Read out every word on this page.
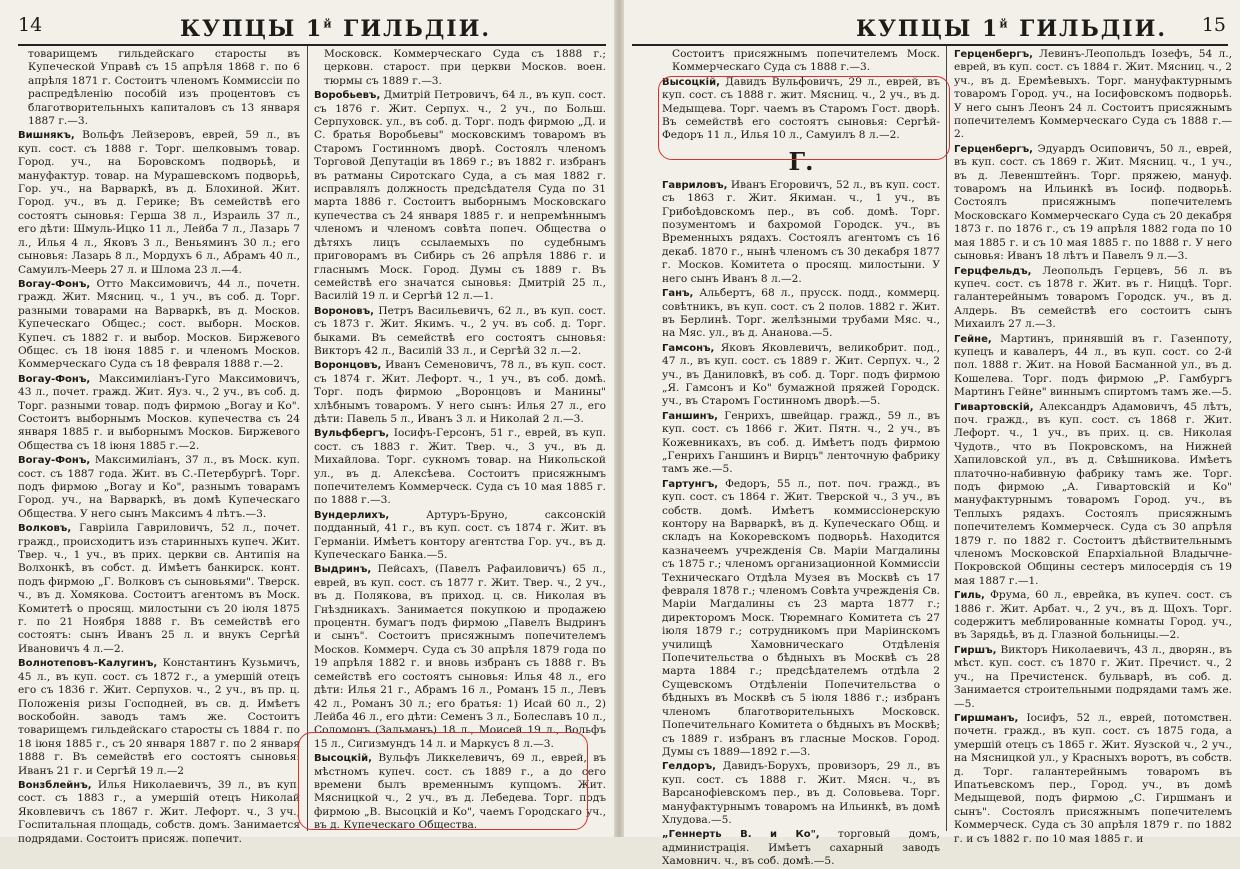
14	КУПЦЫ $1^й$ ГИЛЬДІИ.

товарищемъ гильдейскаго старосты въ Купеческой Управѣ съ 15 апрѣля 1868 г. по 6 апрѣля 1871 г. Состоитъ членомъ Коммиссіи по распредѣленію пособій изъ процентовъ съ благотворительныхъ капиталовъ съ 13 января 1887 г.—3.

Вишнякъ, Вольфъ Лейзеровъ, еврей, 59 л., въ куп. сост. съ 1888 г. Торг. шелковымъ товар. Город. уч., на Боровскомъ подворьѣ, и мануфактур. товар. на Мурашевскомъ подворьѣ, Гор. уч., на Варваркѣ, въ д. Блохиной. Жит. Город. уч., въ д. Герике; Въ семействѣ его состоятъ сыновья: Герша 38 л., Израиль 37 л., его дѣти: Шмуль-Ицко 11 л., Лейба 7 л., Лазарь 7 л., Илья 4 л., Яковъ 3 л., Веньяминъ 30 л.; его сыновья: Лазарь 8 л., Мордухъ 6 л., Абрамъ 40 л., Самуилъ-Меерь 27 л. и Шлома 23 л.—4.

Вогау-Фонъ, Отто Максимовичъ, 44 л., почетн. гражд. Жит. Мясниц. ч., 1 уч., въ соб. д. Торг. разными товарами на Варваркѣ, въ д. Москов. Купеческаго Общес.; сост. выборн. Москов. Купеч. съ 1882 г. и выбор. Москов. Биржевого Общес. съ 18 іюня 1885 г. и членомъ Москов. Коммерческаго Суда съ 18 февраля 1888 г.—2.

Вогау-Фонъ, Максимиліанъ-Гуго Максимовичъ, 43 л., почет. гражд. Жит. Яуз. ч., 2 уч., въ соб. д. Торг. разными товар. подъ фирмою „Вогау и Ко". Состоитъ выборнымъ Москов. купечества съ 24 января 1885 г. и выборнымъ Москов. Биржевого Общества съ 18 іюня 1885 г.—2.

Вогау-Фонъ, Максимиліанъ, 37 л., въ Моск. куп. сост. съ 1887 года. Жит. въ С.-Петербургѣ. Торг. подъ фирмою „Вогау и Ко", разнымъ товарамъ Город. уч., на Варваркѣ, въ домѣ Купеческаго Общества. У него сынъ Максимъ 4 лѣтъ.—3.

Волковъ, Гавріила Гавриловичъ, 52 л., почет. гражд., происходитъ изъ старинныхъ купеч. Жит. Твер. ч., 1 уч., въ прих. церкви св. Антипія на Волхонкѣ, въ собст. д. Имѣетъ банкирск. конт. подъ фирмою „Г. Волковъ съ сыновьями". Тверск. ч., въ д. Хомякова. Состоитъ агентомъ въ Моск. Комитетѣ о просящ. милостыни съ 20 іюля 1875 г. по 21 Ноября 1888 г. Въ семействѣ его состоятъ: сынъ Иванъ 25 л. и внукъ Сергѣй Ивановичъ 4 л.—2.

Волнотеповъ-Калугинъ, Константинъ Кузьмичъ, 45 л., въ куп. сост. съ 1872 г., а умершій отецъ его съ 1836 г. Жит. Серпухов. ч., 2 уч., въ пр. ц. Положенія ризы Господней, въ св. д. Имѣетъ воскобойн. заводъ тамъ же. Состоитъ товарищемъ гильдейскаго старосты съ 1884 г. по 18 іюня 1885 г., съ 20 января 1887 г. по 2 января 1888 г. Въ семействѣ его состоятъ сыновья: Иванъ 21 г. и Сергѣй 19 л.—2

Вонзблейнъ, Илья Николаевичъ, 39 л., въ куп. сост. съ 1883 г., а умершій отецъ Николай Яковлевичъ съ 1867 г. Жит. Лефорт. ч., 3 уч., Госпитальная площадь, собств. домъ. Занимается подрядами. Состоитъ присяж. попечит.

Московск. Коммерческаго Суда съ 1888 г.; церковн. старост. при церкви Москов. воен. тюрмы съ 1889 г.—3.

Воробьевъ, Дмитрій Петровичъ, 64 л., въ куп. сост. съ 1876 г. Жит. Серпух. ч., 2 уч., по Больш. Серпуховск. ул., въ соб. д. Торг. подъ фирмою „Д. и С. братья Воробьевы" московскимъ товаромъ въ Старомъ Гостинномъ дворѣ. Состоялъ членомъ Торговой Депутаціи въ 1869 г.; въ 1882 г. избранъ въ ратманы Сиротскаго Суда, а съ мая 1882 г. исправлялъ должность предсѣдателя Суда по 31 марта 1886 г. Состоитъ выборнымъ Московскаго купечества съ 24 января 1885 г. и непремѣннымъ членомъ и членомъ совѣта попеч. Общества о дѣтяхъ лицъ ссылаемыхъ по судебнымъ приговорамъ въ Сибирь съ 26 апрѣля 1886 г. и гласнымъ Моск. Город. Думы съ 1889 г. Въ семействѣ его значатся сыновья: Дмитрій 25 л., Василій 19 л. и Сергѣй 12 л.—1.

Вороновъ, Петръ Васильевичъ, 62 л., въ куп. сост. съ 1873 г. Жит. Якимъ. ч., 2 уч. въ соб. д. Торг. быками. Въ семействѣ его состоятъ сыновья: Викторъ 42 л., Василій 33 л., и Сергѣй 32 л.—2.

Воронцовъ, Иванъ Семеновичъ, 78 л., въ куп. сост. съ 1874 г. Жит. Лефорт. ч., 1 уч., въ соб. домѣ. Торг. подъ фирмою „Воронцовъ и Манины" хлѣбнымъ товаромъ. У него сынъ: Илья 27 л., его дѣти: Павель 5 л., Иванъ 3 л. и Николай 2 л.—3.

Вульфбергъ, Іосифъ-Герсонъ, 51 г., еврей, въ куп. сост. съ 1883 г. Жит. Твер. ч., 3 уч., въ д. Михайлова. Торг. сукномъ товар. на Никольской ул., въ д. Алексѣева. Состоитъ присяжнымъ попечителемъ Коммерческ. Суда съ 10 мая 1885 г. по 1888 г.—3.

Вундерлихъ, Артуръ-Бруно, саксонскій подданный, 41 г., въ куп. сост. съ 1874 г. Жит. въ Германіи. Имѣетъ контору агентства Гор. уч., въ д. Купеческаго Банка.—5.

Выдринъ, Пейсахъ, (Павелъ Рафаиловичъ) 65 л., еврей, въ куп. сост. съ 1877 г. Жит. Твер. ч., 2 уч., въ д. Полякова, въ приход. ц. св. Николая въ Гнѣздникахъ. Занимается покупкою и продажею процентн. бумагъ подъ фирмою „Павелъ Выдринъ и сынъ". Состоитъ присяжнымъ попечителемъ Москов. Коммерч. Суда съ 30 апрѣля 1879 года по 19 апрѣля 1882 г. и вновь избранъ съ 1888 г. Въ семействѣ его состоятъ сыновья: Илья 48 л., его дѣти: Илья 21 г., Абрамъ 16 л., Романъ 15 л., Левъ 42 л., Романъ 30 л.; его братья: 1) Исай 60 л., 2) Лейба 46 л., его дѣти: Семенъ 3 л., Болеславъ 10 л., Соломонъ (Зальманъ) 18 л., Моисей 19 л., Вольфъ 15 л., Сигизмундъ 14 л. и Маркусъ 8 л.—3.

Высоцкій, Вульфъ Ликкелевичъ, 69 л., еврей, въ мѣстномъ купеч. сост. съ 1889 г., а до сего времени былъ временнымъ купцомъ. Жит. Мясницкой ч., 2 уч., въ д. Лебедева. Торг. подъ фирмою „В. Высоцкій и Ко", чаемъ Городскаго уч., въ д. Купеческаго Общества.

15
КУПЦЫ $1^й$ ГИЛЬДІИ.

Состоитъ присяжнымъ попечителемъ Моск. Коммерческаго Суда съ 1888 г.—3.

Высоцкій, Давидъ Вульфовичъ, 29 л., еврей, въ куп. сост. съ 1888 г. жит. Мясниц. ч., 2 уч., въ д. Медыщева. Торг. чаемъ въ Старомъ Гост. дворѣ. Въ семействѣ его состоятъ сыновья: Сергѣй-Федоръ 11 л., Илья 10 л., Самуилъ 8 л.—2.

Г.

Гавриловъ, Иванъ Егоровичъ, 52 л., въ куп. сост. съ 1863 г. Жит. Якиман. ч., 1 уч., въ Грибоѣдовскомъ пер., въ соб. домѣ. Торг. позументомъ и бахромой Городск. уч., въ Временныхъ рядахъ. Состоялъ агентомъ съ 16 декаб. 1870 г., нынѣ членомъ съ 30 декабря 1877 г. Москов. Комитета о просящ. милостыни. У него сынъ Иванъ 8 л.—2.

Ганъ, Альбертъ, 68 л., прусск. подд., коммерц. совѣтникъ, въ куп. сост. съ 2 полов. 1882 г. Жит. въ Берлинѣ. Торг. желѣзными трубами Мяс. ч., на Мяс. ул., въ д. Ананова.—5.

Гамсонъ, Яковъ Яковлевичъ, великобрит. под., 47 л., въ куп. сост. съ 1889 г. Жит. Серпух. ч., 2 уч., въ Даниловкѣ, въ соб. д. Торг. подъ фирмою „Я. Гамсонъ и Ко" бумажной пряжей Городск. уч., въ Старомъ Гостинномъ дворѣ.—5.

Ганшинъ, Генрихъ, швейцар. гражд., 59 л., въ куп. сост. съ 1866 г. Жит. Пятн. ч., 2 уч., въ Кожевникахъ, въ соб. д. Имѣетъ подъ фирмою „Генрихъ Ганшинъ и Вирцъ" ленточную фабрику тамъ же.—5.

Гартунгъ, Федоръ, 55 л., пот. поч. гражд., въ куп. сост. съ 1864 г. Жит. Тверской ч., 3 уч., въ собств. домѣ. Имѣетъ коммиссіонерскую контору на Варваркѣ, въ д. Купеческаго Общ. и складъ на Кокоревскомъ подворьѣ. Находится казначеемъ учрежденія Св. Маріи Магдалины съ 1875 г.; членомъ организационной Коммиссіи Техническаго Отдѣла Музея въ Москвѣ съ 17 февраля 1878 г.; членомъ Совѣта учрежденія Св. Маріи Магдалины съ 23 марта 1877 г.; директоромъ Моск. Тюремнаго Комитета съ 27 іюля 1879 г.; сотрудникомъ при Маріинскомъ училищѣ Хамовническаго Отдѣленія Попечительства о бѣдныхъ въ Москвѣ съ 28 марта 1884 г.; предсѣдателемъ отдѣла 2 Сущевскомъ Отдѣленіи Попечительства о бѣдныхъ въ Москвѣ съ 5 іюля 1886 г.; избранъ членомъ благотворительныхъ Московск. Попечительнаго Комитета о бѣдныхъ въ Москвѣ; съ 1889 г. избранъ въ гласные Москов. Город. Думы съ 1889—1892 г.—3.

Гелдоръ, Давидъ-Борухъ, провизоръ, 29 л., въ куп. сост. съ 1888 г. Жит. Мясн. ч., въ Варсанофіевскомъ пер., въ д. Соловьева. Торг. мануфактурнымъ товаромъ на Ильинкѣ, въ домѣ Хлудова.—5.

„Геннерть В. и Ко", торговый домъ, администрація. Имѣетъ сахарный заводъ Хамовнич. ч., въ соб. домѣ.—5.

Герценбергъ, Левинъ-Леопольдъ Іозефъ, 54 л., еврей, въ куп. сост. съ 1884 г. Жит. Мясниц. ч., 2 уч., въ д. Еремѣевыхъ. Торг. мануфактурнымъ товаромъ Город. уч., на Іосифовскомъ подворьѣ. У него сынъ Леонъ 24 л. Состоитъ присяжнымъ попечителемъ Коммерческаго Суда съ 1888 г.—2.

Герценбергъ, Эдуардъ Осиповичъ, 50 л., еврей, въ куп. сост. съ 1869 г. Жит. Мясниц. ч., 1 уч., въ д. Левенштейнъ. Торг. пряжею, мануф. товаромъ на Ильинкѣ въ Іосиф. подворьѣ. Состоялъ присяжнымъ попечителемъ Московскаго Коммерческаго Суда съ 20 декабря 1873 г. по 1876 г., съ 19 апрѣля 1882 года по 10 мая 1885 г. и съ 10 мая 1885 г. по 1888 г. У него сыновья: Иванъ 18 лѣтъ и Павелъ 9 л.—3.

Герцфельдъ, Леопольдъ Герцевъ, 56 л. въ купеч. сост. съ 1878 г. Жит. въ г. Ниццѣ. Торг. галантерейнымъ товаромъ Городск. уч., въ д. Алдерь. Въ семействѣ его состоитъ сынъ Михаилъ 27 л.—3.

Гейне, Мартинъ, принявшій въ г. Газенпоту, купецъ и кавалеръ, 44 л., въ куп. сост. со 2-й пол. 1888 г. Жит. на Новой Басманной ул., въ д. Кошелева. Торг. подъ фирмою „Р. Гамбургъ Мартинъ Гейне" виннымъ спиртомъ тамъ же.—5.

Гивартовскій, Александръ Адамовичъ, 45 лѣтъ, поч. гражд., въ куп. сост. съ 1868 г. Жит. Лефорт. ч., 1 уч., въ прих. ц. св. Николая Чудотв., что въ Покровскомъ, на Нижней Хапиловской ул., въ д. Свѣшникова. Имѣетъ платочно-набивную фабрику тамъ же. Торг. подъ фирмою „А. Гивартовскій и Ко" мануфактурнымъ товаромъ Город. уч., въ Теплыхъ рядахъ. Состоялъ присяжнымъ попечителемъ Коммерческ. Суда съ 30 апрѣля 1879 г. по 1882 г. Состоитъ дѣйствительнымъ членомъ Московской Епархіальной Владычне-Покровской Общины сестеръ милосердія съ 19 мая 1887 г.—1.

Гиль, Фрума, 60 л., еврейка, въ купеч. сост. съ 1886 г. Жит. Арбат. ч., 2 уч., въ д. Щохъ. Торг. содержитъ меблированные комнаты Город. уч., въ Зарядьѣ, въ д. Глазной больницы.—2.

Гиршъ, Викторъ Николаевичъ, 43 л., дворян., въ мѣст. куп. сост. съ 1870 г. Жит. Пречист. ч., 2 уч., на Пречистенск. бульварѣ, въ соб. д. Занимается строительными подрядами тамъ же.—5.

Гиршманъ, Іосифъ, 52 л., еврей, потомствен. почетн. гражд., въ куп. сост. съ 1875 года, а умершій отецъ съ 1865 г. Жит. Яузской ч., 2 уч., на Мясницкой ул., у Красныхъ воротъ, въ собств. д. Торг. галантерейнымъ товаромъ въ Ипатьевскомъ пер., Город. уч., въ домѣ Медыщевой, подъ фирмою „С. Гиршманъ и сынъ". Состоялъ присяжнымъ попечителемъ Коммерческ. Суда съ 30 апрѣля 1879 г. по 1882 г. и съ 1882 г. по 10 мая 1885 г. и
